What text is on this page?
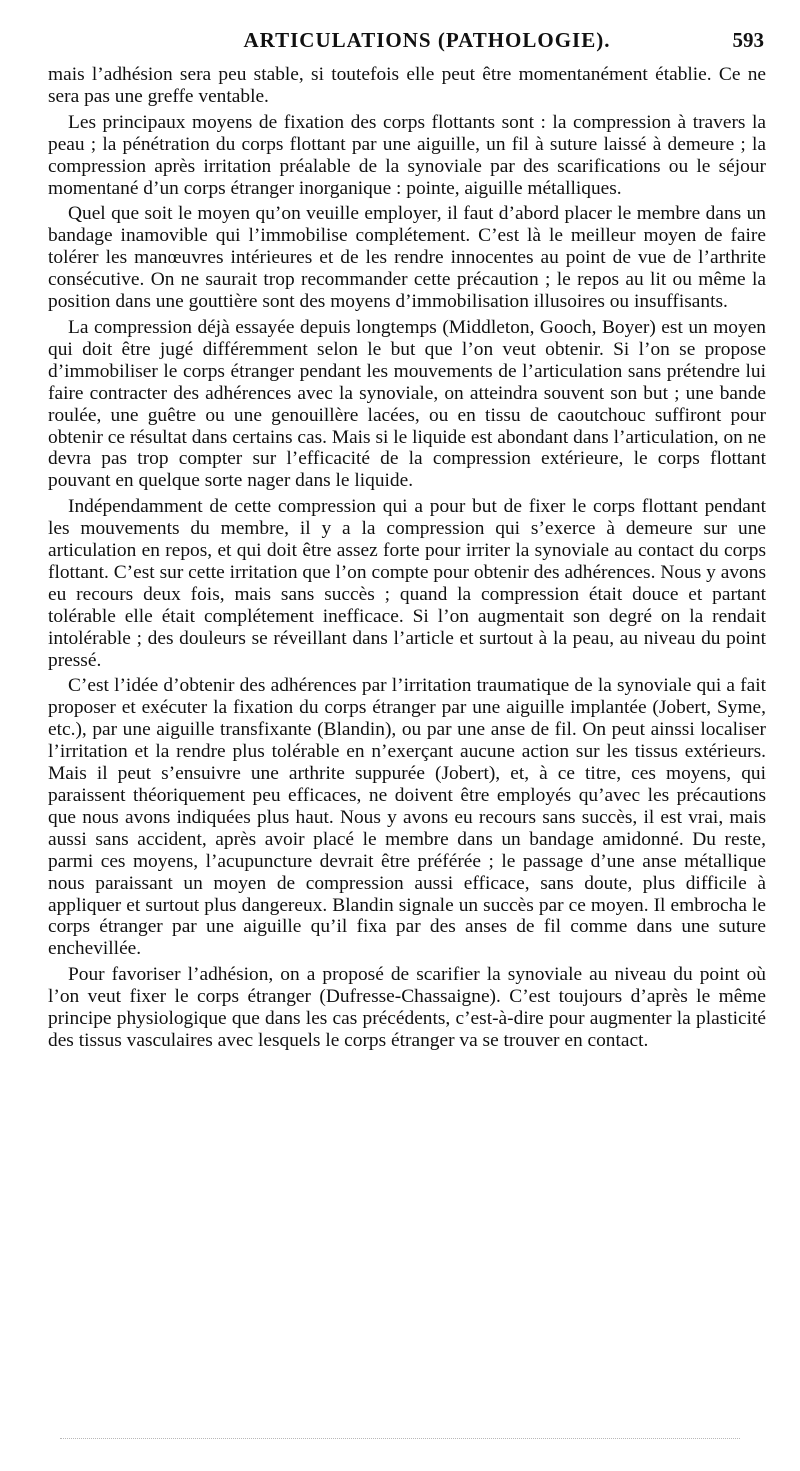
ARTICULATIONS (PATHOLOGIE).	593

mais l’adhésion sera peu stable, si toutefois elle peut être momentanément établie. Ce ne sera pas une greffe ventable.

Les principaux moyens de fixation des corps flottants sont : la compression à travers la peau ; la pénétration du corps flottant par une aiguille, un fil à suture laissé à demeure ; la compression après irritation préalable de la synoviale par des scarifications ou le séjour momentané d’un corps étranger inorganique : pointe, aiguille métalliques.

Quel que soit le moyen qu’on veuille employer, il faut d’abord placer le membre dans un bandage inamovible qui l’immobilise complétement. C’est là le meilleur moyen de faire tolérer les manœuvres intérieures et de les rendre innocentes au point de vue de l’arthrite consécutive. On ne saurait trop recommander cette précaution ; le repos au lit ou même la position dans une gouttière sont des moyens d’immobilisation illusoires ou insuffisants.

La compression déjà essayée depuis longtemps (Middleton, Gooch, Boyer) est un moyen qui doit être jugé différemment selon le but que l’on veut obtenir. Si l’on se propose d’immobiliser le corps étranger pendant les mouvements de l’articulation sans prétendre lui faire contracter des adhérences avec la synoviale, on atteindra souvent son but ; une bande roulée, une guêtre ou une genouillère lacées, ou en tissu de caoutchouc suffiront pour obtenir ce résultat dans certains cas. Mais si le liquide est abondant dans l’articulation, on ne devra pas trop compter sur l’efficacité de la compression extérieure, le corps flottant pouvant en quelque sorte nager dans le liquide.

Indépendamment de cette compression qui a pour but de fixer le corps flottant pendant les mouvements du membre, il y a la compression qui s’exerce à demeure sur une articulation en repos, et qui doit être assez forte pour irriter la synoviale au contact du corps flottant. C’est sur cette irritation que l’on compte pour obtenir des adhérences. Nous y avons eu recours deux fois, mais sans succès ; quand la compression était douce et partant tolérable elle était complétement inefficace. Si l’on augmentait son degré on la rendait intolérable ; des douleurs se réveillant dans l’article et surtout à la peau, au niveau du point pressé.

C’est l’idée d’obtenir des adhérences par l’irritation traumatique de la synoviale qui a fait proposer et exécuter la fixation du corps étranger par une aiguille implantée (Jobert, Syme, etc.), par une aiguille transfixante (Blandin), ou par une anse de fil. On peut ainssi localiser l’irritation et la rendre plus tolérable en n’exerçant aucune action sur les tissus extérieurs. Mais il peut s’ensuivre une arthrite suppurée (Jobert), et, à ce titre, ces moyens, qui paraissent théoriquement peu efficaces, ne doivent être employés qu’avec les précautions que nous avons indiquées plus haut. Nous y avons eu recours sans succès, il est vrai, mais aussi sans accident, après avoir placé le membre dans un bandage amidonné. Du reste, parmi ces moyens, l’acupuncture devrait être préférée ; le passage d’une anse métallique nous paraissant un moyen de compression aussi efficace, sans doute, plus difficile à appliquer et surtout plus dangereux. Blandin signale un succès par ce moyen. Il embrocha le corps étranger par une aiguille qu’il fixa par des anses de fil comme dans une suture enchevillée.

Pour favoriser l’adhésion, on a proposé de scarifier la synoviale au niveau du point où l’on veut fixer le corps étranger (Dufresse-Chassaigne). C’est toujours d’après le même principe physiologique que dans les cas précédents, c’est-à-dire pour augmenter la plasticité des tissus vasculaires avec lesquels le corps étranger va se trouver en contact.
